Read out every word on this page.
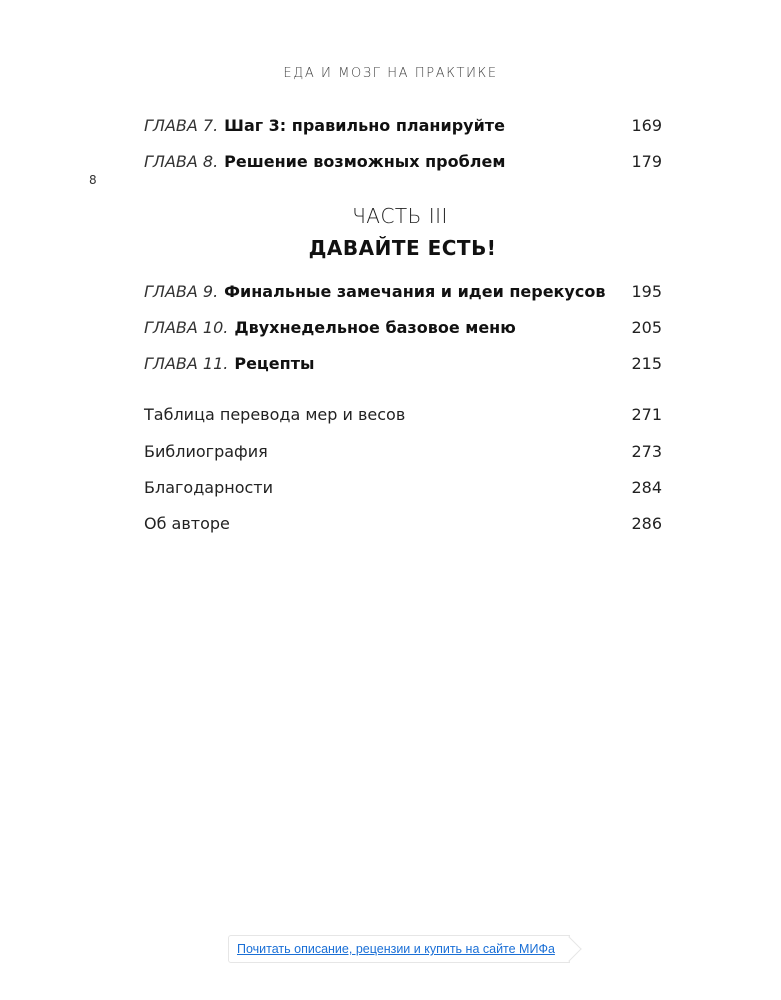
ЕДА И МОЗГ НА ПРАКТИКЕ
8
ГЛАВА 7. Шаг 3: правильно планируйте	169
ГЛАВА 8. Решение возможных проблем	179
ЧАСТЬ III
ДАВАЙТЕ ЕСТЬ!
ГЛАВА 9. Финальные замечания и идеи перекусов 195
ГЛАВА 10. Двухнедельное базовое меню	205
ГЛАВА 11. Рецепты	215
Таблица перевода мер и весов	271
Библиография	273
Благодарности	284
Об авторе	286
Почитать описание, рецензии и купить на сайте МИФа
